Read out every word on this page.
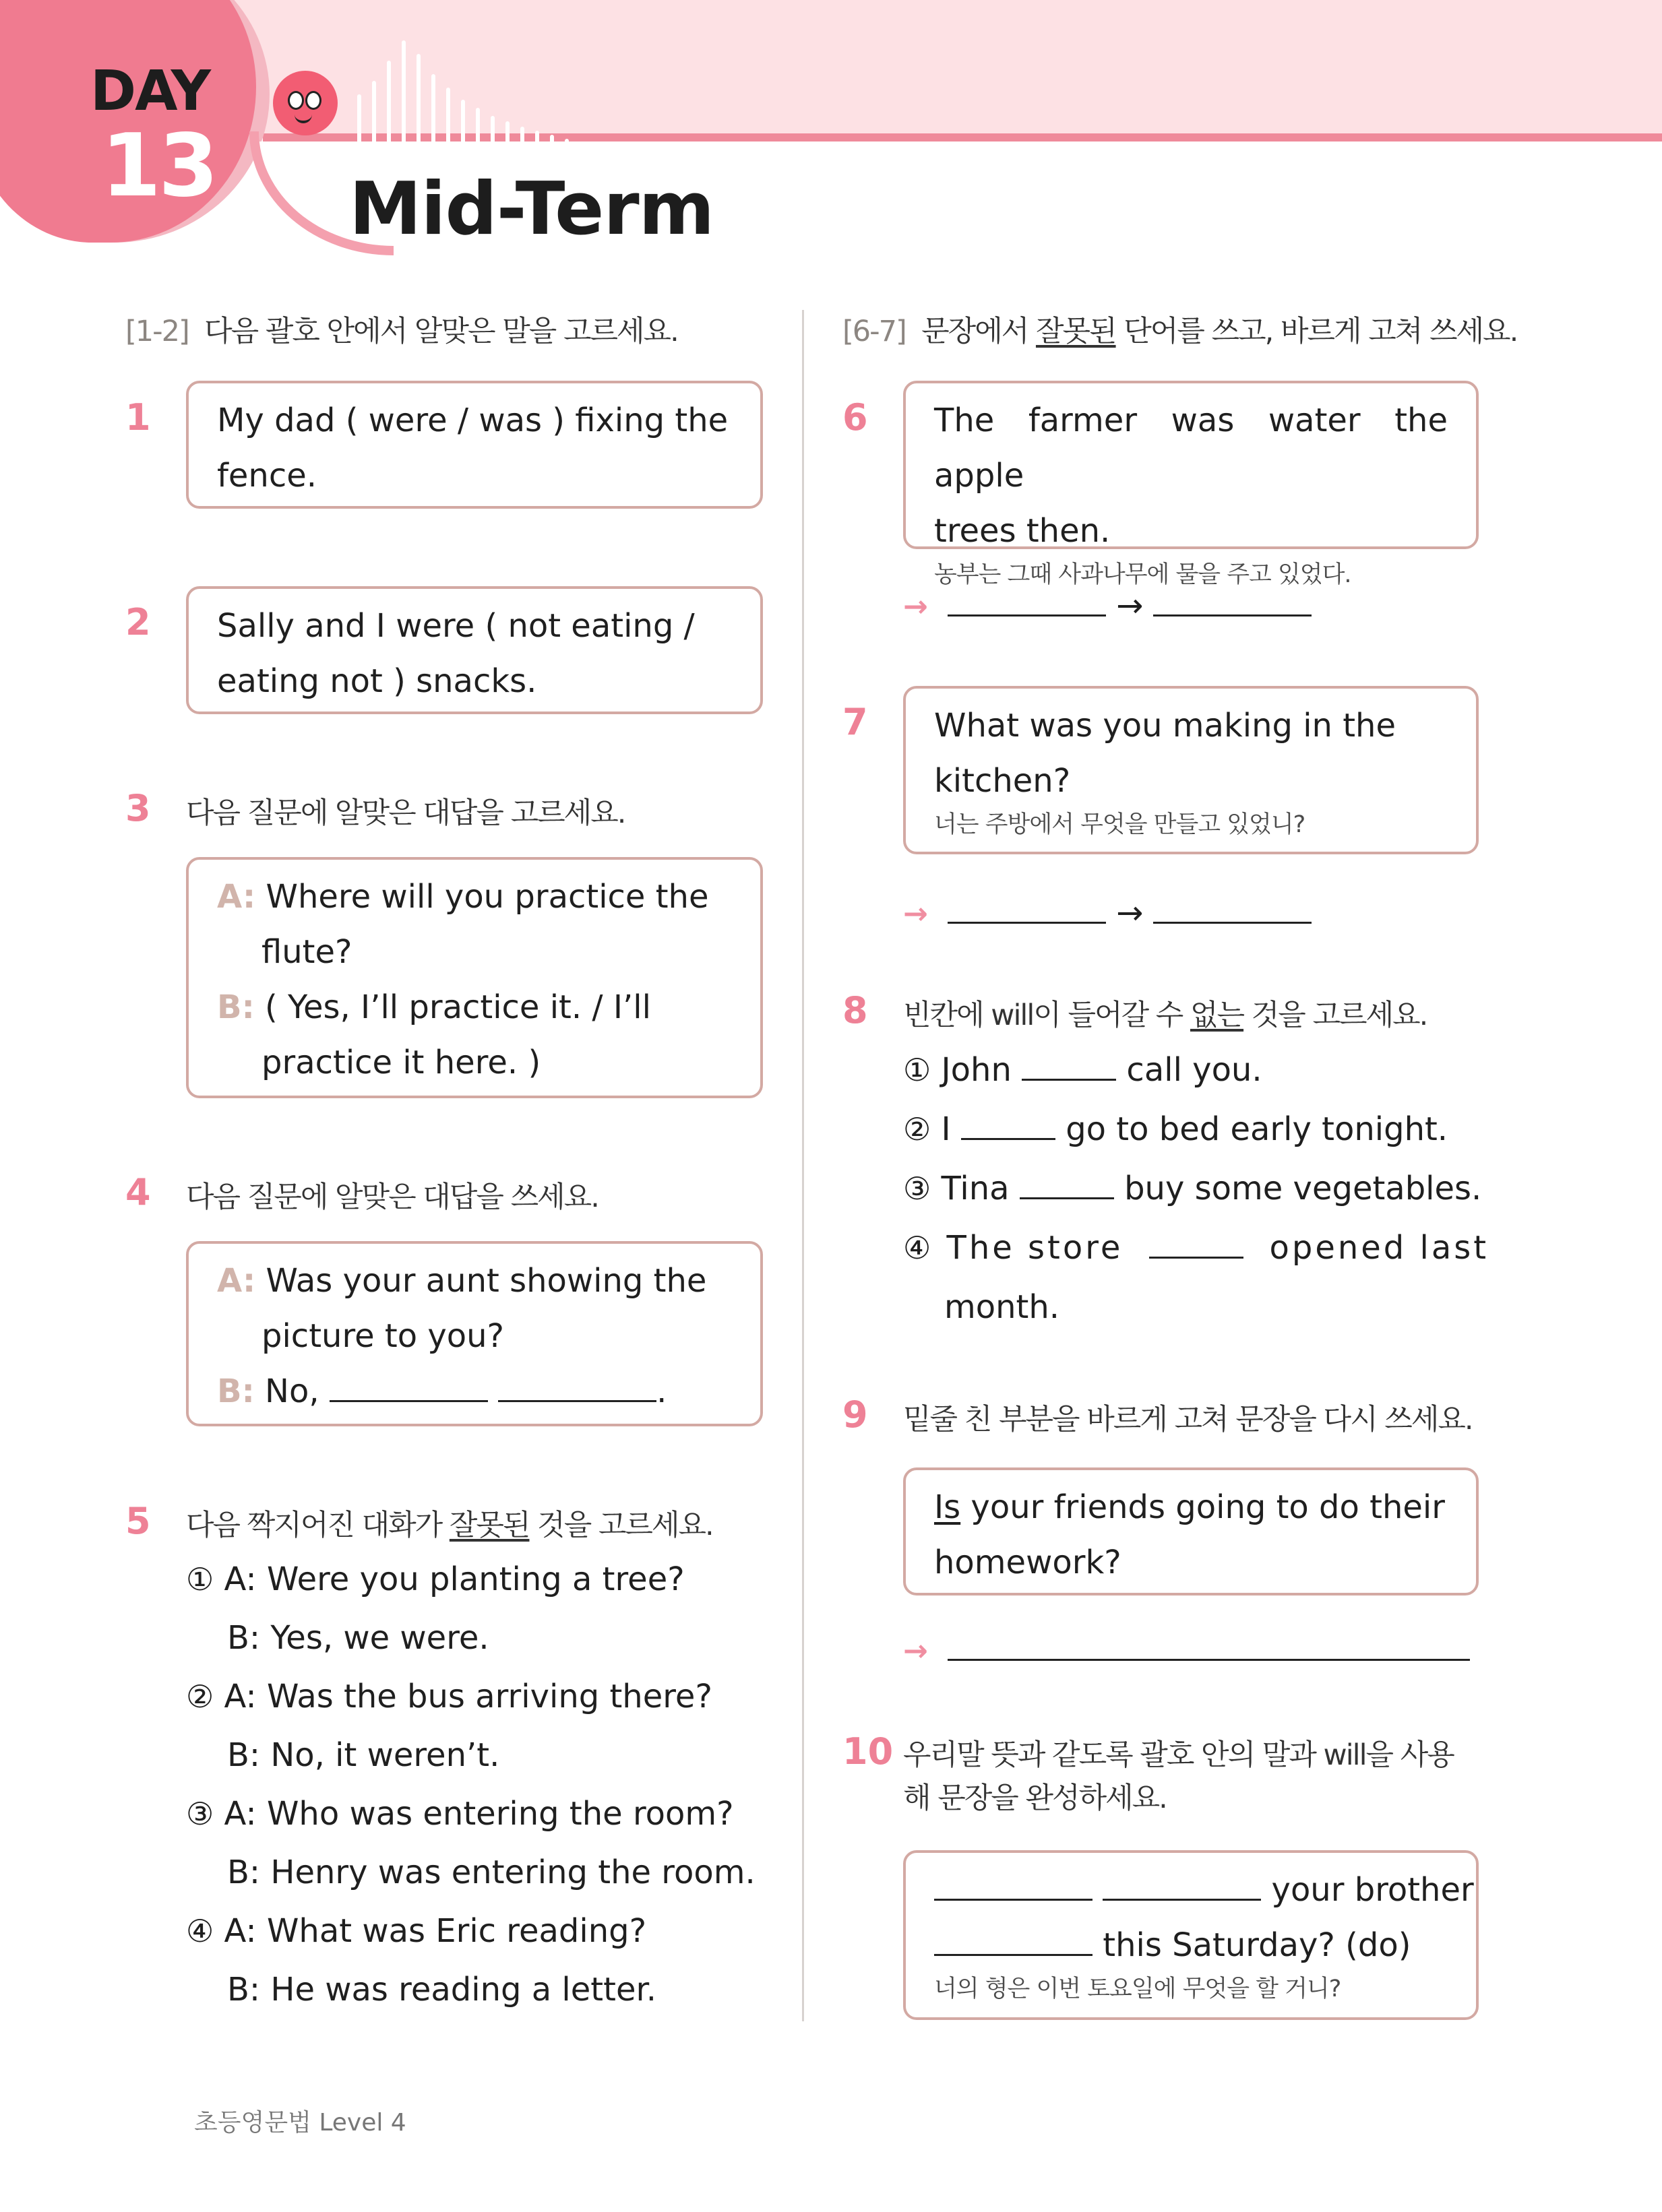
DAY
13 Mid-Term
[1-2] 다음 괄호 안에서 알맞은 말을 고르세요.
1 My dad ( were / was ) fixing the
fence.
2 Sally and I were ( not eating /
eating not ) snacks.
3 다음 질문에 알맞은 대답을 고르세요.
A: Where will you practice the
flute?
B: ( Yes, I’ll practice it. / I’ll
practice it here. )
4 다음 질문에 알맞은 대답을 쓰세요.
A: Was your aunt showing the
picture to you?
B: No,	.
5 다음 짝지어진 대화가 잘못된 것을 고르세요.
① A: Were you planting a tree?
B: Yes, we were.
② A: Was the bus arriving there?
B: No, it weren’t.
③ A: Who was entering the room?
B: Henry was entering the room.
④ A: What was Eric reading?
B: He was reading a letter.
[6-7] 문장에서 잘못된 단어를 쓰고, 바르게 고쳐 쓰세요.
6 The farmer was water the apple
trees then.
농부는 그때 사과나무에 물을 주고 있었다.
→	→
7 What was you making in the
kitchen?
너는 주방에서 무엇을 만들고 있었니?
→	→
8 빈칸에 will이 들어갈 수 없는 것을 고르세요.
① John	call you.
② I	go to bed early tonight.
③ Tina	buy some vegetables.
④ The store	opened last
month.
9 밑줄 친 부분을 바르게 고쳐 문장을 다시 쓰세요.
Is your friends going to do their
homework?
→
10 우리말 뜻과 같도록 괄호 안의 말과 will을 사용
해 문장을 완성하세요.
your brother
this Saturday? (do)
너의 형은 이번 토요일에 무엇을 할 거니?
초등영문법 Level 4
